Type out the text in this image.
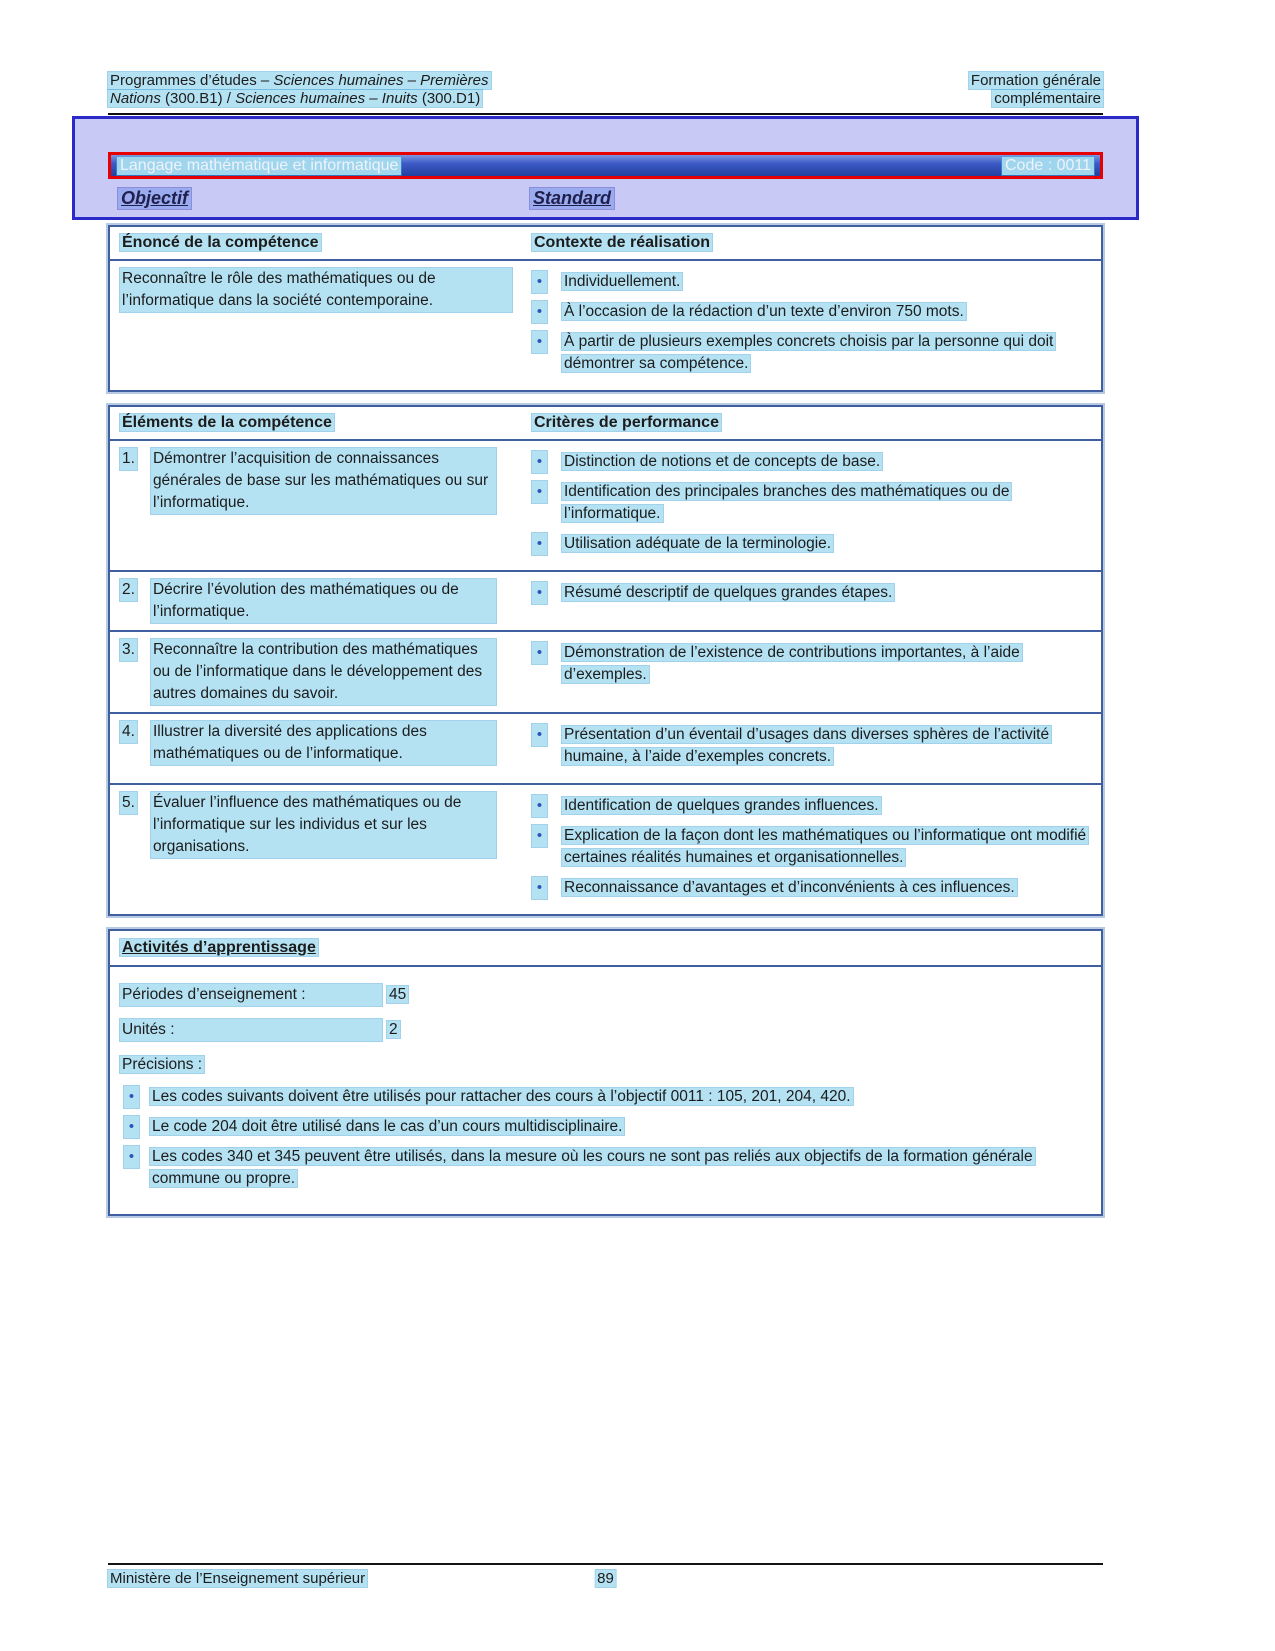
Programmes d’études – Sciences humaines – Premières
Nations (300.B1) / Sciences humaines – Inuits (300.D1)
Formation générale
complémentaire
Langage mathématique et informatique	Code : 0011
Objectif	Standard
Énoncé de la compétence	Contexte de réalisation
Reconnaître le rôle des mathématiques ou de l’informatique dans la société contemporaine.
•	Individuellement.
•	À l’occasion de la rédaction d’un texte d’environ 750 mots.
•	À partir de plusieurs exemples concrets choisis par la personne qui doit démontrer sa compétence.
Éléments de la compétence	Critères de performance
1. Démontrer l’acquisition de connaissances générales de base sur les mathématiques ou sur l’informatique.
•	Distinction de notions et de concepts de base.
•	Identification des principales branches des mathématiques ou de l’informatique.
•	Utilisation adéquate de la terminologie.
2. Décrire l’évolution des mathématiques ou de l’informatique.
•	Résumé descriptif de quelques grandes étapes.
3. Reconnaître la contribution des mathématiques ou de l’informatique dans le développement des autres domaines du savoir.
•	Démonstration de l’existence de contributions importantes, à l’aide d’exemples.
4. Illustrer la diversité des applications des mathématiques ou de l’informatique.
•	Présentation d’un éventail d’usages dans diverses sphères de l’activité humaine, à l’aide d’exemples concrets.
5. Évaluer l’influence des mathématiques ou de l’informatique sur les individus et sur les organisations.
•	Identification de quelques grandes influences.
•	Explication de la façon dont les mathématiques ou l’informatique ont modifié certaines réalités humaines et organisationnelles.
•	Reconnaissance d’avantages et d’inconvénients à ces influences.
Activités d’apprentissage
Périodes d’enseignement :	45
Unités :	2
Précisions :
•	Les codes suivants doivent être utilisés pour rattacher des cours à l’objectif 0011 : 105, 201, 204, 420.
•	Le code 204 doit être utilisé dans le cas d’un cours multidisciplinaire.
•	Les codes 340 et 345 peuvent être utilisés, dans la mesure où les cours ne sont pas reliés aux objectifs de la formation générale commune ou propre.
Ministère de l’Enseignement supérieur	89
